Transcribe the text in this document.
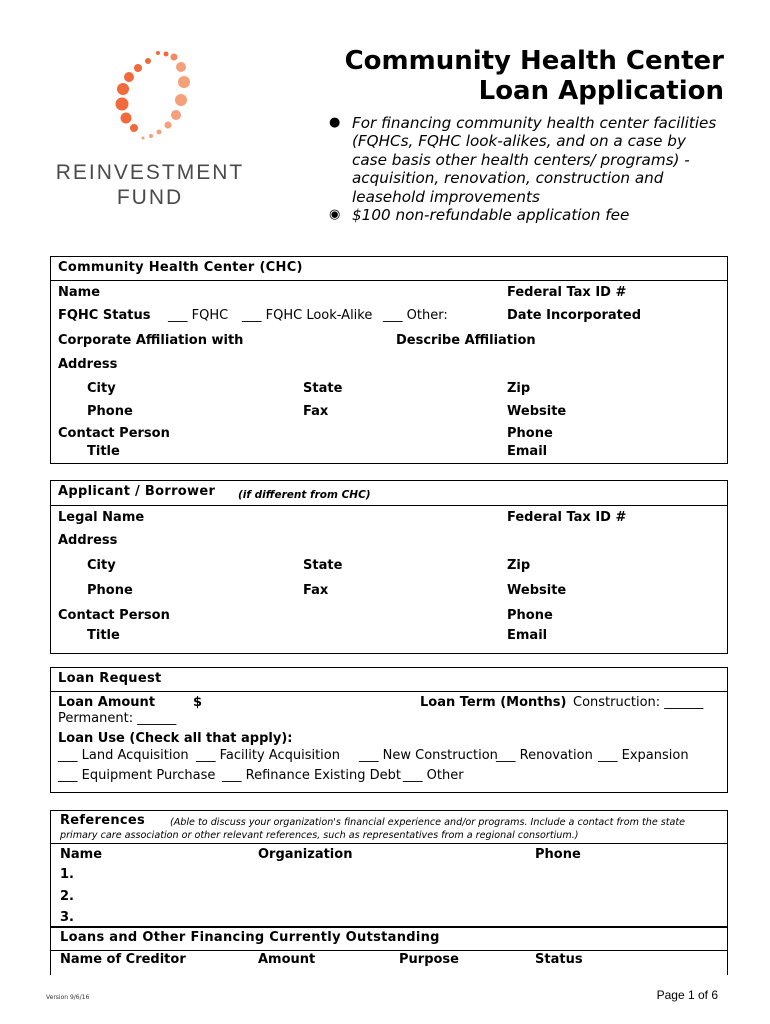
REINVESTMENT
FUND
Community Health Center
Loan Application
● For financing community health center facilities
(FQHCs, FQHC look-alikes, and on a case by
case basis other health centers/ programs) -
acquisition, renovation, construction and
leasehold improvements
◉ $100 non-refundable application fee
Community Health Center (CHC)
Name	Federal Tax ID #
FQHC Status ___ FQHC ___ FQHC Look-Alike ___ Other:	Date Incorporated
Corporate Affiliation with	Describe Affiliation
Address
City	State	Zip
Phone	Fax	Website
Contact Person	Phone
Title	Email
Applicant / Borrower (if different from CHC)
Legal Name	Federal Tax ID #
Address
City	State	Zip
Phone	Fax	Website
Contact Person	Phone
Title	Email
Loan Request
Loan Amount	$	Loan Term (Months) Construction: ______
Permanent: ______
Loan Use (Check all that apply):
___ Land Acquisition ___ Facility Acquisition ___ New Construction
___ Renovation ___ Expansion
___ Equipment Purchase ___ Refinance Existing Debt ___ Other
References	(Able to discuss your organization's financial experience and/or programs. Include a contact from the state
primary care association or other relevant references, such as representatives from a regional consortium.)
Name	Organization	Phone
1.
2.
3.
Loans and Other Financing Currently Outstanding
Name of Creditor	Amount	Purpose	Status
Version 9/6/16	Page 1 of 6
